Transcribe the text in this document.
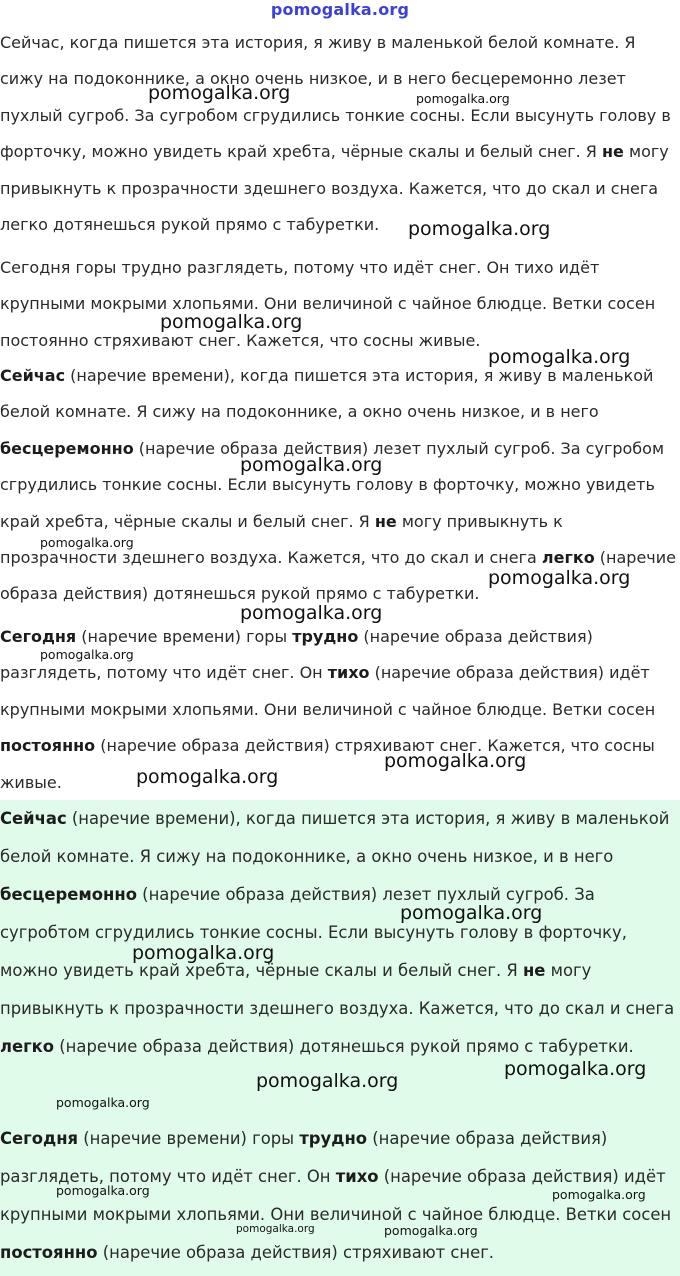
pomogalka.org

Сейчас, когда пишется эта история, я живу в маленькой белой комнате. Я сижу на подоконнике, а окно очень низкое, и в него бесцеремонно лезет пухлый сугроб. За сугробом сгрудились тонкие сосны. Если высунуть голову в форточку, можно увидеть край хребта, чёрные скалы и белый снег. Я не могу привыкнуть к прозрачности здешнего воздуха. Кажется, что до скал и снега легко дотянешься рукой прямо с табуретки.

Сегодня горы трудно разглядеть, потому что идёт снег. Он тихо идёт крупными мокрыми хлопьями. Они величиной с чайное блюдце. Ветки сосен постоянно стряхивают снег. Кажется, что сосны живые.

Сейчас (наречие времени), когда пишется эта история, я живу в маленькой белой комнате. Я сижу на подоконнике, а окно очень низкое, и в него бесцеремонно (наречие образа действия) лезет пухлый сугроб. За сугробом сгрудились тонкие сосны. Если высунуть голову в форточку, можно увидеть край хребта, чёрные скалы и белый снег. Я не могу привыкнуть к прозрачности здешнего воздуха. Кажется, что до скал и снега легко (наречие образа действия) дотянешься рукой прямо с табуретки.

Сегодня (наречие времени) горы трудно (наречие образа действия) разглядеть, потому что идёт снег. Он тихо (наречие образа действия) идёт крупными мокрыми хлопьями. Они величиной с чайное блюдце. Ветки сосен постоянно (наречие образа действия) стряхивают снег. Кажется, что сосны живые.

Сейчас (наречие времени), когда пишется эта история, я живу в маленькой белой комнате. Я сижу на подоконнике, а окно очень низкое, и в него бесцеремонно (наречие образа действия) лезет пухлый сугроб. За сугробтом сгрудились тонкие сосны. Если высунуть голову в форточку, можно увидеть край хребта, чёрные скалы и белый снег. Я не могу привыкнуть к прозрачности здешнего воздуха. Кажется, что до скал и снега легко (наречие образа действия) дотянешься рукой прямо с табуретки.

Сегодня (наречие времени) горы трудно (наречие образа действия) разглядеть, потому что идёт снег. Он тихо (наречие образа действия) идёт крупными мокрыми хлопьями. Они величиной с чайное блюдце. Ветки сосен постоянно (наречие образа действия) стряхивают снег.

pomogalka.org	pomogalka.org
pomogalka.org
pomogalka.org
pomogalka.org
pomogalka.org
pomogalka.org
pomogalka.org
pomogalka.org
pomogalka.org
pomogalka.org
pomogalka.org
pomogalka.org
pomogalka.org
pomogalka.org
pomogalka.org
pomogalka.org
pomogalka.org	pomogalka.org
pomogalka.org	pomogalka.org
